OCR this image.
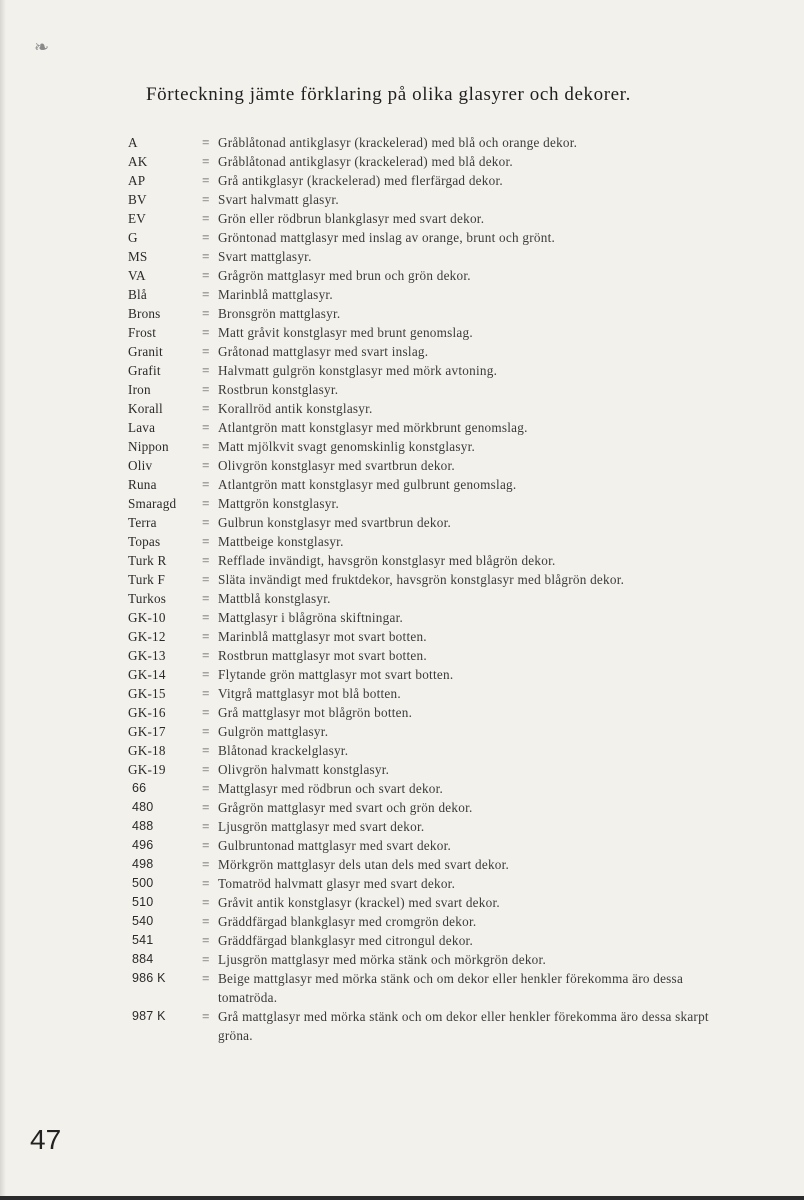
❧
Förteckning jämte förklaring på olika glasyrer och dekorer.
A	= Gråblåtonad antikglasyr (krackelerad) med blå och orange dekor.
AK	= Gråblåtonad antikglasyr (krackelerad) med blå dekor.
AP	= Grå antikglasyr (krackelerad) med flerfärgad dekor.
BV	= Svart halvmatt glasyr.
EV	= Grön eller rödbrun blankglasyr med svart dekor.
G	= Gröntonad mattglasyr med inslag av orange, brunt och grönt.
MS	= Svart mattglasyr.
VA	= Grågrön mattglasyr med brun och grön dekor.
Blå	= Marinblå mattglasyr.
Brons	= Bronsgrön mattglasyr.
Frost	= Matt gråvit konstglasyr med brunt genomslag.
Granit	= Gråtonad mattglasyr med svart inslag.
Grafit	= Halvmatt gulgrön konstglasyr med mörk avtoning.
Iron	= Rostbrun konstglasyr.
Korall	= Korallröd antik konstglasyr.
Lava	= Atlantgrön matt konstglasyr med mörkbrunt genomslag.
Nippon	= Matt mjölkvit svagt genomskinlig konstglasyr.
Oliv	= Olivgrön konstglasyr med svartbrun dekor.
Runa	= Atlantgrön matt konstglasyr med gulbrunt genomslag.
Smaragd	= Mattgrön konstglasyr.
Terra	= Gulbrun konstglasyr med svartbrun dekor.
Topas	= Mattbeige konstglasyr.
Turk R	= Refflade invändigt, havsgrön konstglasyr med blågrön dekor.
Turk F	= Släta invändigt med fruktdekor, havsgrön konstglasyr med blågrön dekor.
Turkos	= Mattblå konstglasyr.
GK-10	= Mattglasyr i blågröna skiftningar.
GK-12	= Marinblå mattglasyr mot svart botten.
GK-13	= Rostbrun mattglasyr mot svart botten.
GK-14	= Flytande grön mattglasyr mot svart botten.
GK-15	= Vitgrå mattglasyr mot blå botten.
GK-16	= Grå mattglasyr mot blågrön botten.
GK-17	= Gulgrön mattglasyr.
GK-18	= Blåtonad krackelglasyr.
GK-19	= Olivgrön halvmatt konstglasyr.
66	= Mattglasyr med rödbrun och svart dekor.
480	= Grågrön mattglasyr med svart och grön dekor.
488	= Ljusgrön mattglasyr med svart dekor.
496	= Gulbruntonad mattglasyr med svart dekor.
498	= Mörkgrön mattglasyr dels utan dels med svart dekor.
500	= Tomatröd halvmatt glasyr med svart dekor.
510	= Gråvit antik konstglasyr (krackel) med svart dekor.
540	= Gräddfärgad blankglasyr med cromgrön dekor.
541	= Gräddfärgad blankglasyr med citrongul dekor.
884	= Ljusgrön mattglasyr med mörka stänk och mörkgrön dekor.
986 K	= Beige mattglasyr med mörka stänk och om dekor eller henkler förekomma äro dessa tomatröda.
987 K	= Grå mattglasyr med mörka stänk och om dekor eller henkler förekomma äro dessa skarpt gröna.
47
